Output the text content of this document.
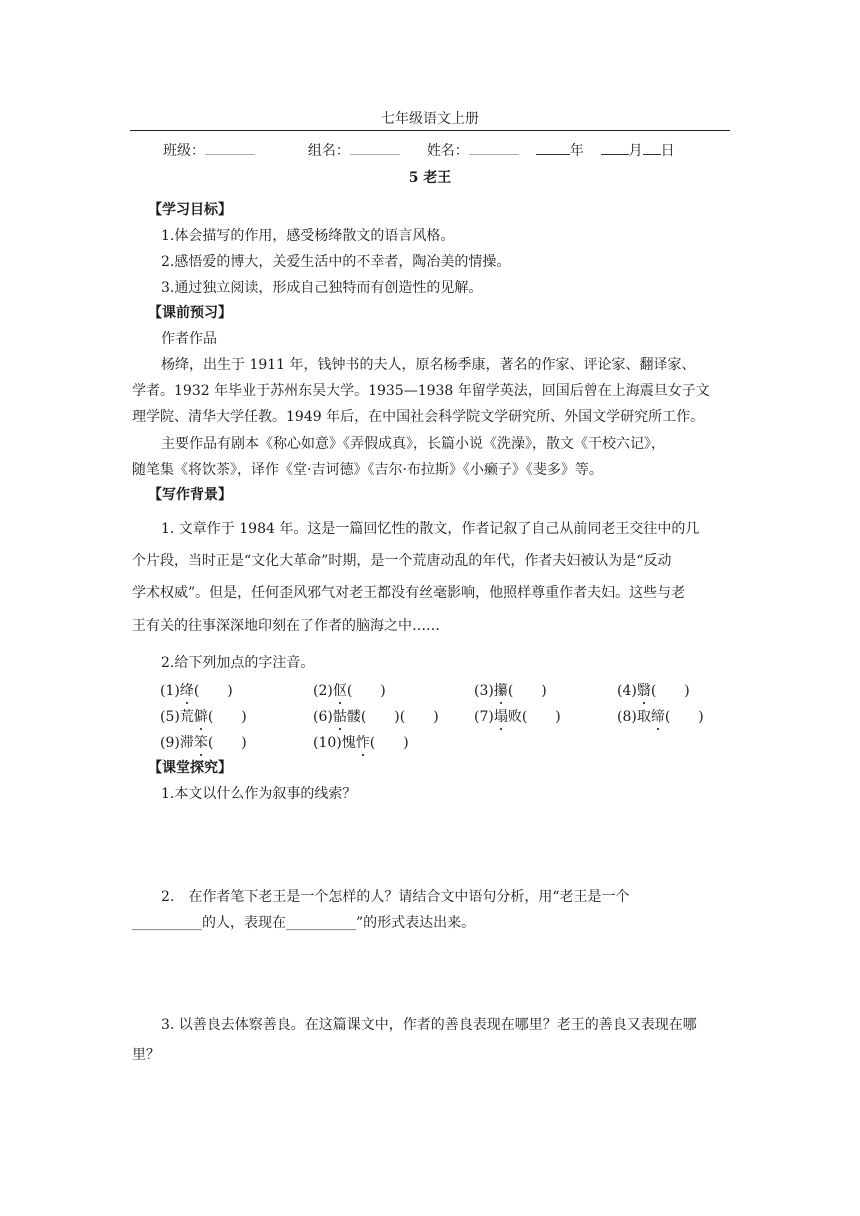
七年级语文上册
班级：	组名：	姓名：	年	月 日
5 老王
【学习目标】
1.体会描写的作用，感受杨绛散文的语言风格。
2.感悟爱的博大，关爱生活中的不幸者，陶冶美的情操。
3.通过独立阅读，形成自己独特而有创造性的见解。
【课前预习】
作者作品
杨绛，出生于 1911 年，钱钟书的夫人，原名杨季康，著名的作家、评论家、翻译家、
学者。1932 年毕业于苏州东吴大学。1935—1938 年留学英法，回国后曾在上海震旦女子文
理学院、清华大学任教。1949 年后，在中国社会科学院文学研究所、外国文学研究所工作。
主要作品有剧本《称心如意》《弄假成真》，长篇小说《洗澡》，散文《干校六记》，
随笔集《将饮茶》，译作《堂·吉诃德》《吉尔·布拉斯》《小癞子》《斐多》等。
【写作背景】
1. 文章作于 1984 年。这是一篇回忆性的散文，作者记叙了自己从前同老王交往中的几
个片段，当时正是“文化大革命”时期，是一个荒唐动乱的年代，作者夫妇被认为是“反动
学术权威”。但是，任何歪风邪气对老王都没有丝毫影响，他照样尊重作者夫妇。这些与老
王有关的往事深深地印刻在了作者的脑海之中……
2.给下列加点的字注音。
(1)绛(　　)	(2)伛(　　)	(3)攥(　　)	(4)翳(　　)
(5)荒僻(　　)	(6)骷髅(　　)(　　)	(7)塌败(　　)	(8)取缔(　　)
(9)滞笨(　　)	(10)愧怍(　　)
【课堂探究】
1.本文以什么作为叙事的线索？
2.　在作者笔下老王是一个怎样的人？请结合文中语句分析，用“老王是一个
__________的人，表现在__________”的形式表达出来。
3. 以善良去体察善良。在这篇课文中，作者的善良表现在哪里？老王的善良又表现在哪
里？
